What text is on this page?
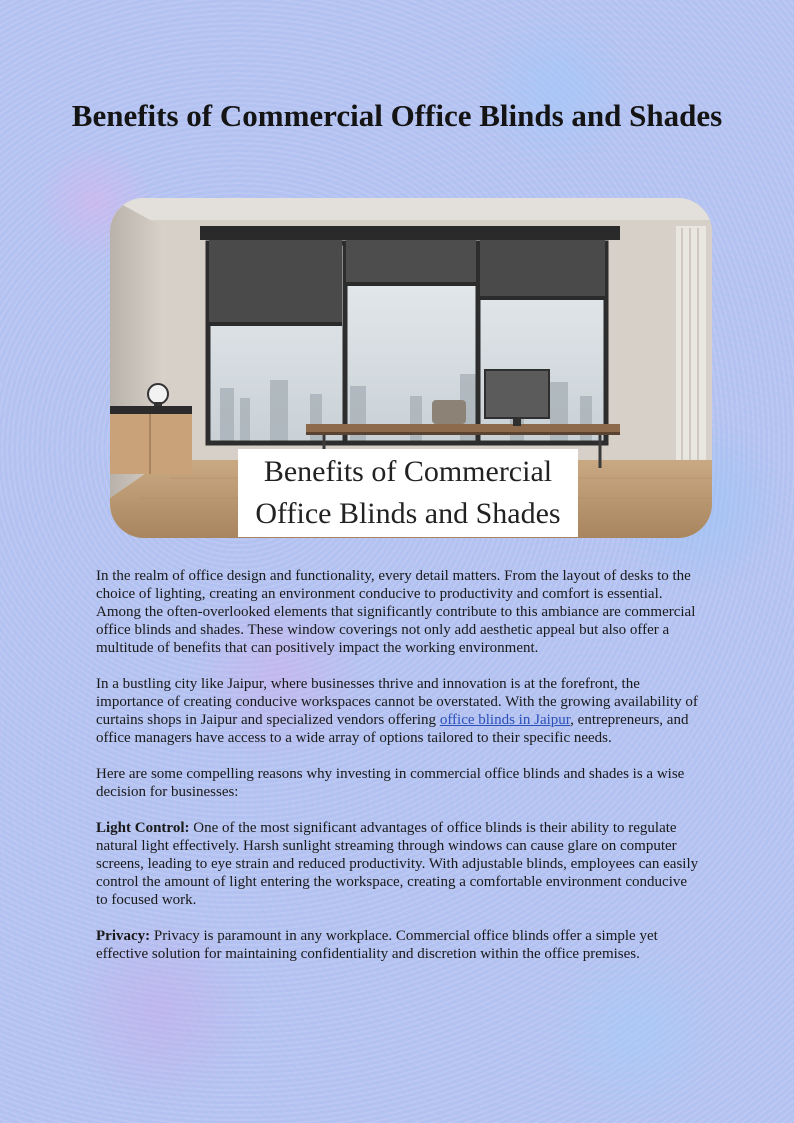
Benefits of Commercial Office Blinds and Shades
Benefits of Commercial
Office Blinds and Shades

In the realm of office design and functionality, every detail matters. From the layout of desks to the choice of lighting, creating an environment conducive to productivity and comfort is essential. Among the often-overlooked elements that significantly contribute to this ambiance are commercial office blinds and shades. These window coverings not only add aesthetic appeal but also offer a multitude of benefits that can positively impact the working environment.

In a bustling city like Jaipur, where businesses thrive and innovation is at the forefront, the importance of creating conducive workspaces cannot be overstated. With the growing availability of curtains shops in Jaipur and specialized vendors offering office blinds in Jaipur, entrepreneurs, and office managers have access to a wide array of options tailored to their specific needs.

Here are some compelling reasons why investing in commercial office blinds and shades is a wise decision for businesses:

Light Control: One of the most significant advantages of office blinds is their ability to regulate natural light effectively. Harsh sunlight streaming through windows can cause glare on computer screens, leading to eye strain and reduced productivity. With adjustable blinds, employees can easily control the amount of light entering the workspace, creating a comfortable environment conducive to focused work.

Privacy: Privacy is paramount in any workplace. Commercial office blinds offer a simple yet effective solution for maintaining confidentiality and discretion within the office premises.
